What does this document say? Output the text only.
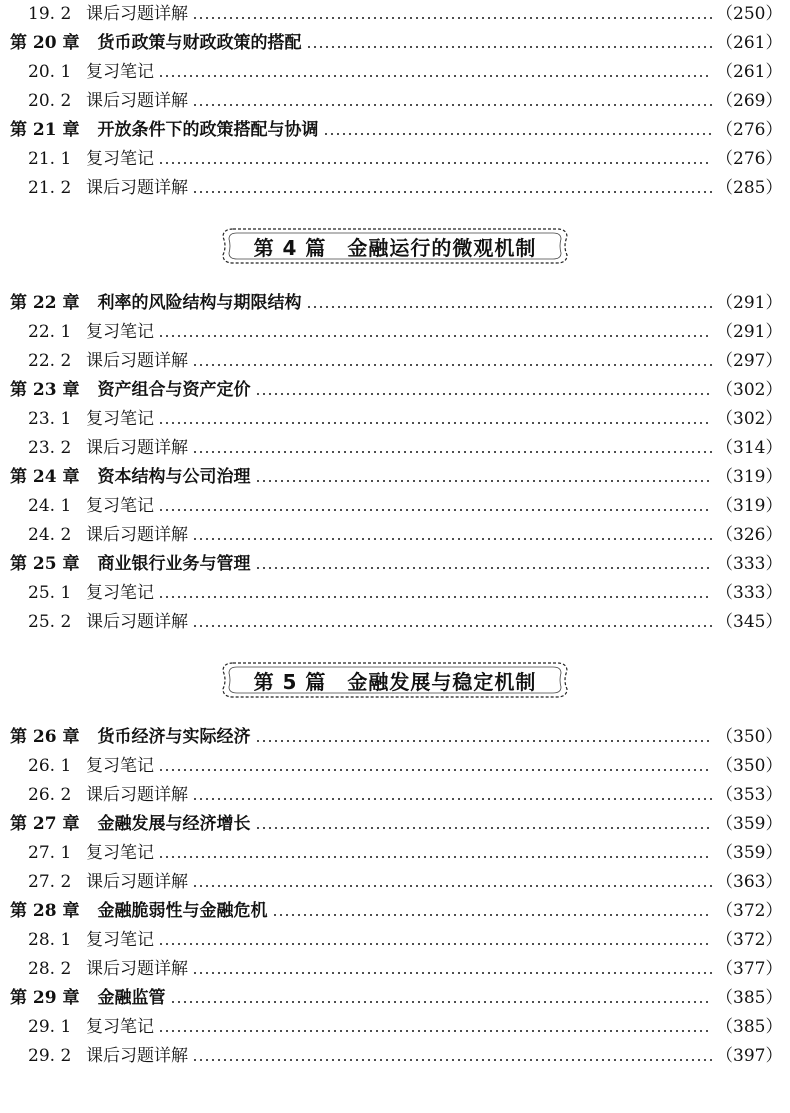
19. 2 课后习题详解	（250）
第 20 章 货币政策与财政政策的搭配	（261）
20. 1 复习笔记	（261）
20. 2 课后习题详解	（269）
第 21 章 开放条件下的政策搭配与协调	（276）
21. 1 复习笔记	（276）
21. 2 课后习题详解	（285）
第 4 篇　金融运行的微观机制
第 22 章 利率的风险结构与期限结构	（291）
22. 1 复习笔记	（291）
22. 2 课后习题详解	（297）
第 23 章 资产组合与资产定价	（302）
23. 1 复习笔记	（302）
23. 2 课后习题详解	（314）
第 24 章 资本结构与公司治理	（319）
24. 1 复习笔记	（319）
24. 2 课后习题详解	（326）
第 25 章 商业银行业务与管理	（333）
25. 1 复习笔记	（333）
25. 2 课后习题详解	（345）
第 5 篇　金融发展与稳定机制
第 26 章 货币经济与实际经济	（350）
26. 1 复习笔记	（350）
26. 2 课后习题详解	（353）
第 27 章 金融发展与经济增长	（359）
27. 1 复习笔记	（359）
27. 2 课后习题详解	（363）
第 28 章 金融脆弱性与金融危机	（372）
28. 1 复习笔记	（372）
28. 2 课后习题详解	（377）
第 29 章 金融监管	（385）
29. 1 复习笔记	（385）
29. 2 课后习题详解	（397）
